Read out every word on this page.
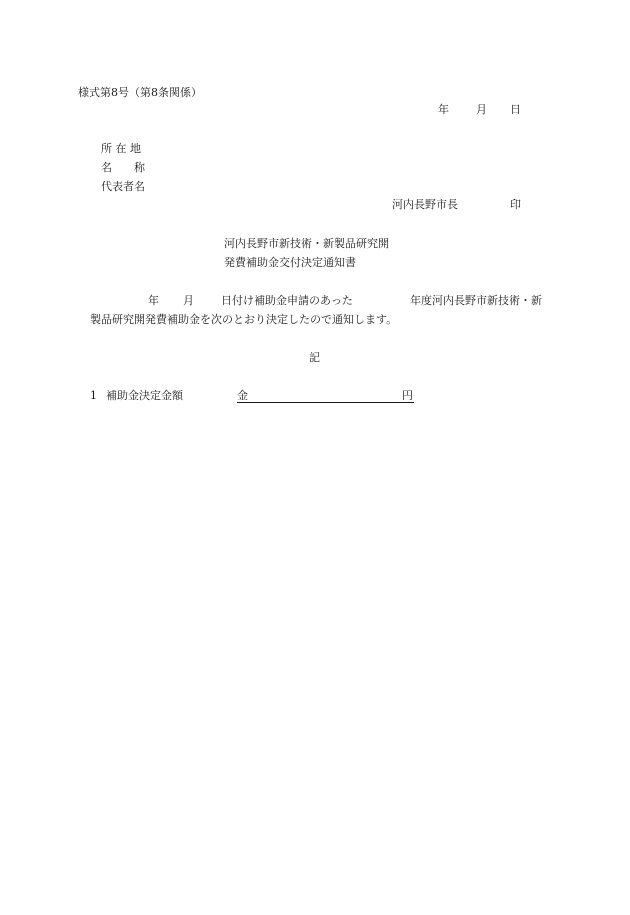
様式第8号（第8条関係）
年 月 日
所 在 地
名　　称
代表者名
河内長野市長	印
河内長野市新技術・新製品研究開
発費補助金交付決定通知書
年 月 日付け補助金申請のあった	年度河内長野市新技術・新
製品研究開発費補助金を次のとおり決定したので通知します。
記
1 補助金決定金額	金	円
